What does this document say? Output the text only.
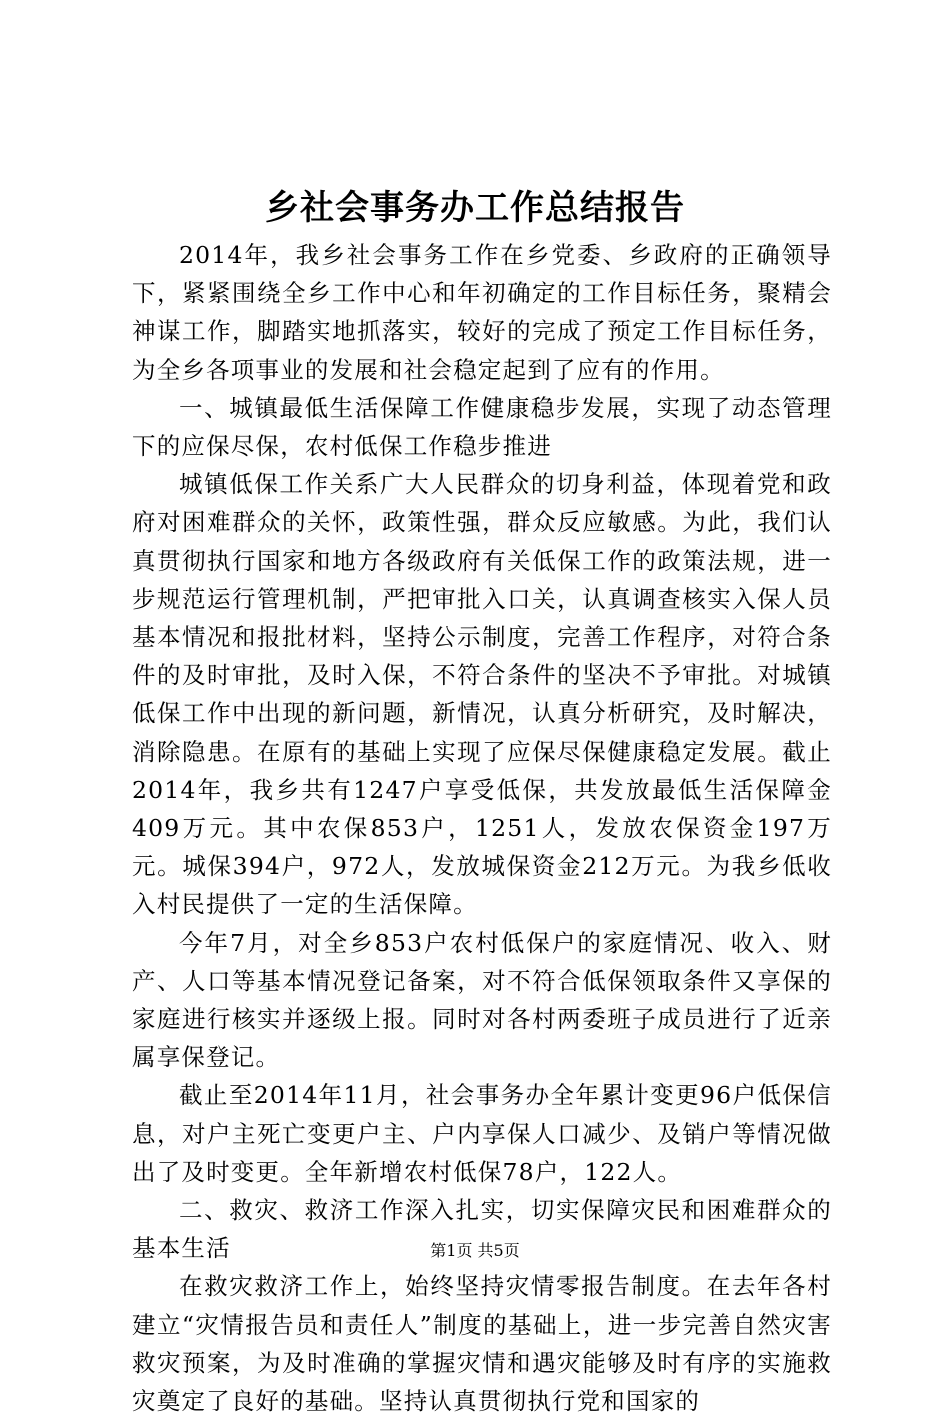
乡社会事务办工作总结报告

2014年，我乡社会事务工作在乡党委、乡政府的正确领导下，紧紧围绕全乡工作中心和年初确定的工作目标任务，聚精会神谋工作，脚踏实地抓落实，较好的完成了预定工作目标任务，为全乡各项事业的发展和社会稳定起到了应有的作用。

一、城镇最低生活保障工作健康稳步发展，实现了动态管理下的应保尽保，农村低保工作稳步推进

城镇低保工作关系广大人民群众的切身利益，体现着党和政府对困难群众的关怀，政策性强，群众反应敏感。为此，我们认真贯彻执行国家和地方各级政府有关低保工作的政策法规，进一步规范运行管理机制，严把审批入口关，认真调查核实入保人员基本情况和报批材料，坚持公示制度，完善工作程序，对符合条件的及时审批，及时入保，不符合条件的坚决不予审批。对城镇低保工作中出现的新问题，新情况，认真分析研究，及时解决，消除隐患。在原有的基础上实现了应保尽保健康稳定发展。截止2014年，我乡共有1247户享受低保，共发放最低生活保障金409万元。其中农保853户，1251人，发放农保资金197万元。城保394户，972人，发放城保资金212万元。为我乡低收入村民提供了一定的生活保障。

今年7月，对全乡853户农村低保户的家庭情况、收入、财产、人口等基本情况登记备案，对不符合低保领取条件又享保的家庭进行核实并逐级上报。同时对各村两委班子成员进行了近亲属享保登记。

截止至2014年11月，社会事务办全年累计变更96户低保信息，对户主死亡变更户主、户内享保人口减少、及销户等情况做出了及时变更。全年新增农村低保78户，122人。

二、救灾、救济工作深入扎实，切实保障灾民和困难群众的基本生活

在救灾救济工作上，始终坚持灾情零报告制度。在去年各村建立“灾情报告员和责任人”制度的基础上，进一步完善自然灾害救灾预案，为及时准确的掌握灾情和遇灾能够及时有序的实施救灾奠定了良好的基础。坚持认真贯彻执行党和国家的

第1页 共5页
